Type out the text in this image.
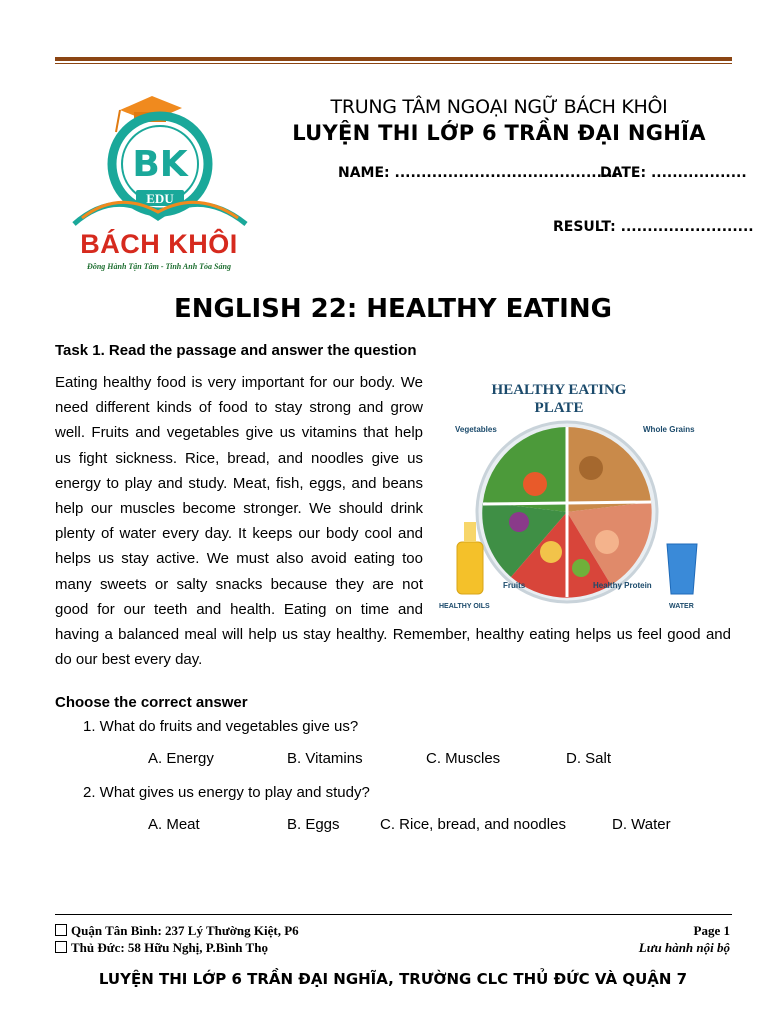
BK
EDU
BÁCH KHÔI
Đồng Hành Tận Tâm - Tinh Anh Tỏa Sáng
TRUNG TÂM NGOẠI NGỮ BÁCH KHÔI
LUYỆN THI LỚP 6 TRẦN ĐẠI NGHĨA
NAME: ............................................
DATE: ..................
RESULT: .........................
ENGLISH 22: HEALTHY EATING
Task 1. Read the passage and answer the question
HEALTHY EATING
PLATE
Vegetables	Whole Grains
Fruits	Healthy Protein
HEALTHY OILS	WATER
Eating healthy food is very important for our body. We need different kinds of food to stay strong and grow well. Fruits and vegetables give us vitamins that help us fight sickness. Rice, bread, and noodles give us energy to play and study. Meat, fish, eggs, and beans help our muscles become stronger. We should drink plenty of water every day. It keeps our body cool and helps us stay active. We must also avoid eating too many sweets or salty snacks because they are not good for our teeth and health. Eating on time and having a balanced meal will help us stay healthy. Remember, healthy eating helps us feel good and do our best every day.
Choose the correct answer
1. What do fruits and vegetables give us?
A. Energy	B. Vitamins	C. Muscles	D. Salt
2. What gives us energy to play and study?
A. Meat	B. Eggs	C. Rice, bread, and noodles	D. Water
Quận Tân Bình: 237 Lý Thường Kiệt, P6
Thủ Đức: 58 Hữu Nghị, P.Bình Thọ
Page 1
Lưu hành nội bộ
LUYỆN THI LỚP 6 TRẦN ĐẠI NGHĨA, TRƯỜNG CLC THỦ ĐỨC VÀ QUẬN 7
